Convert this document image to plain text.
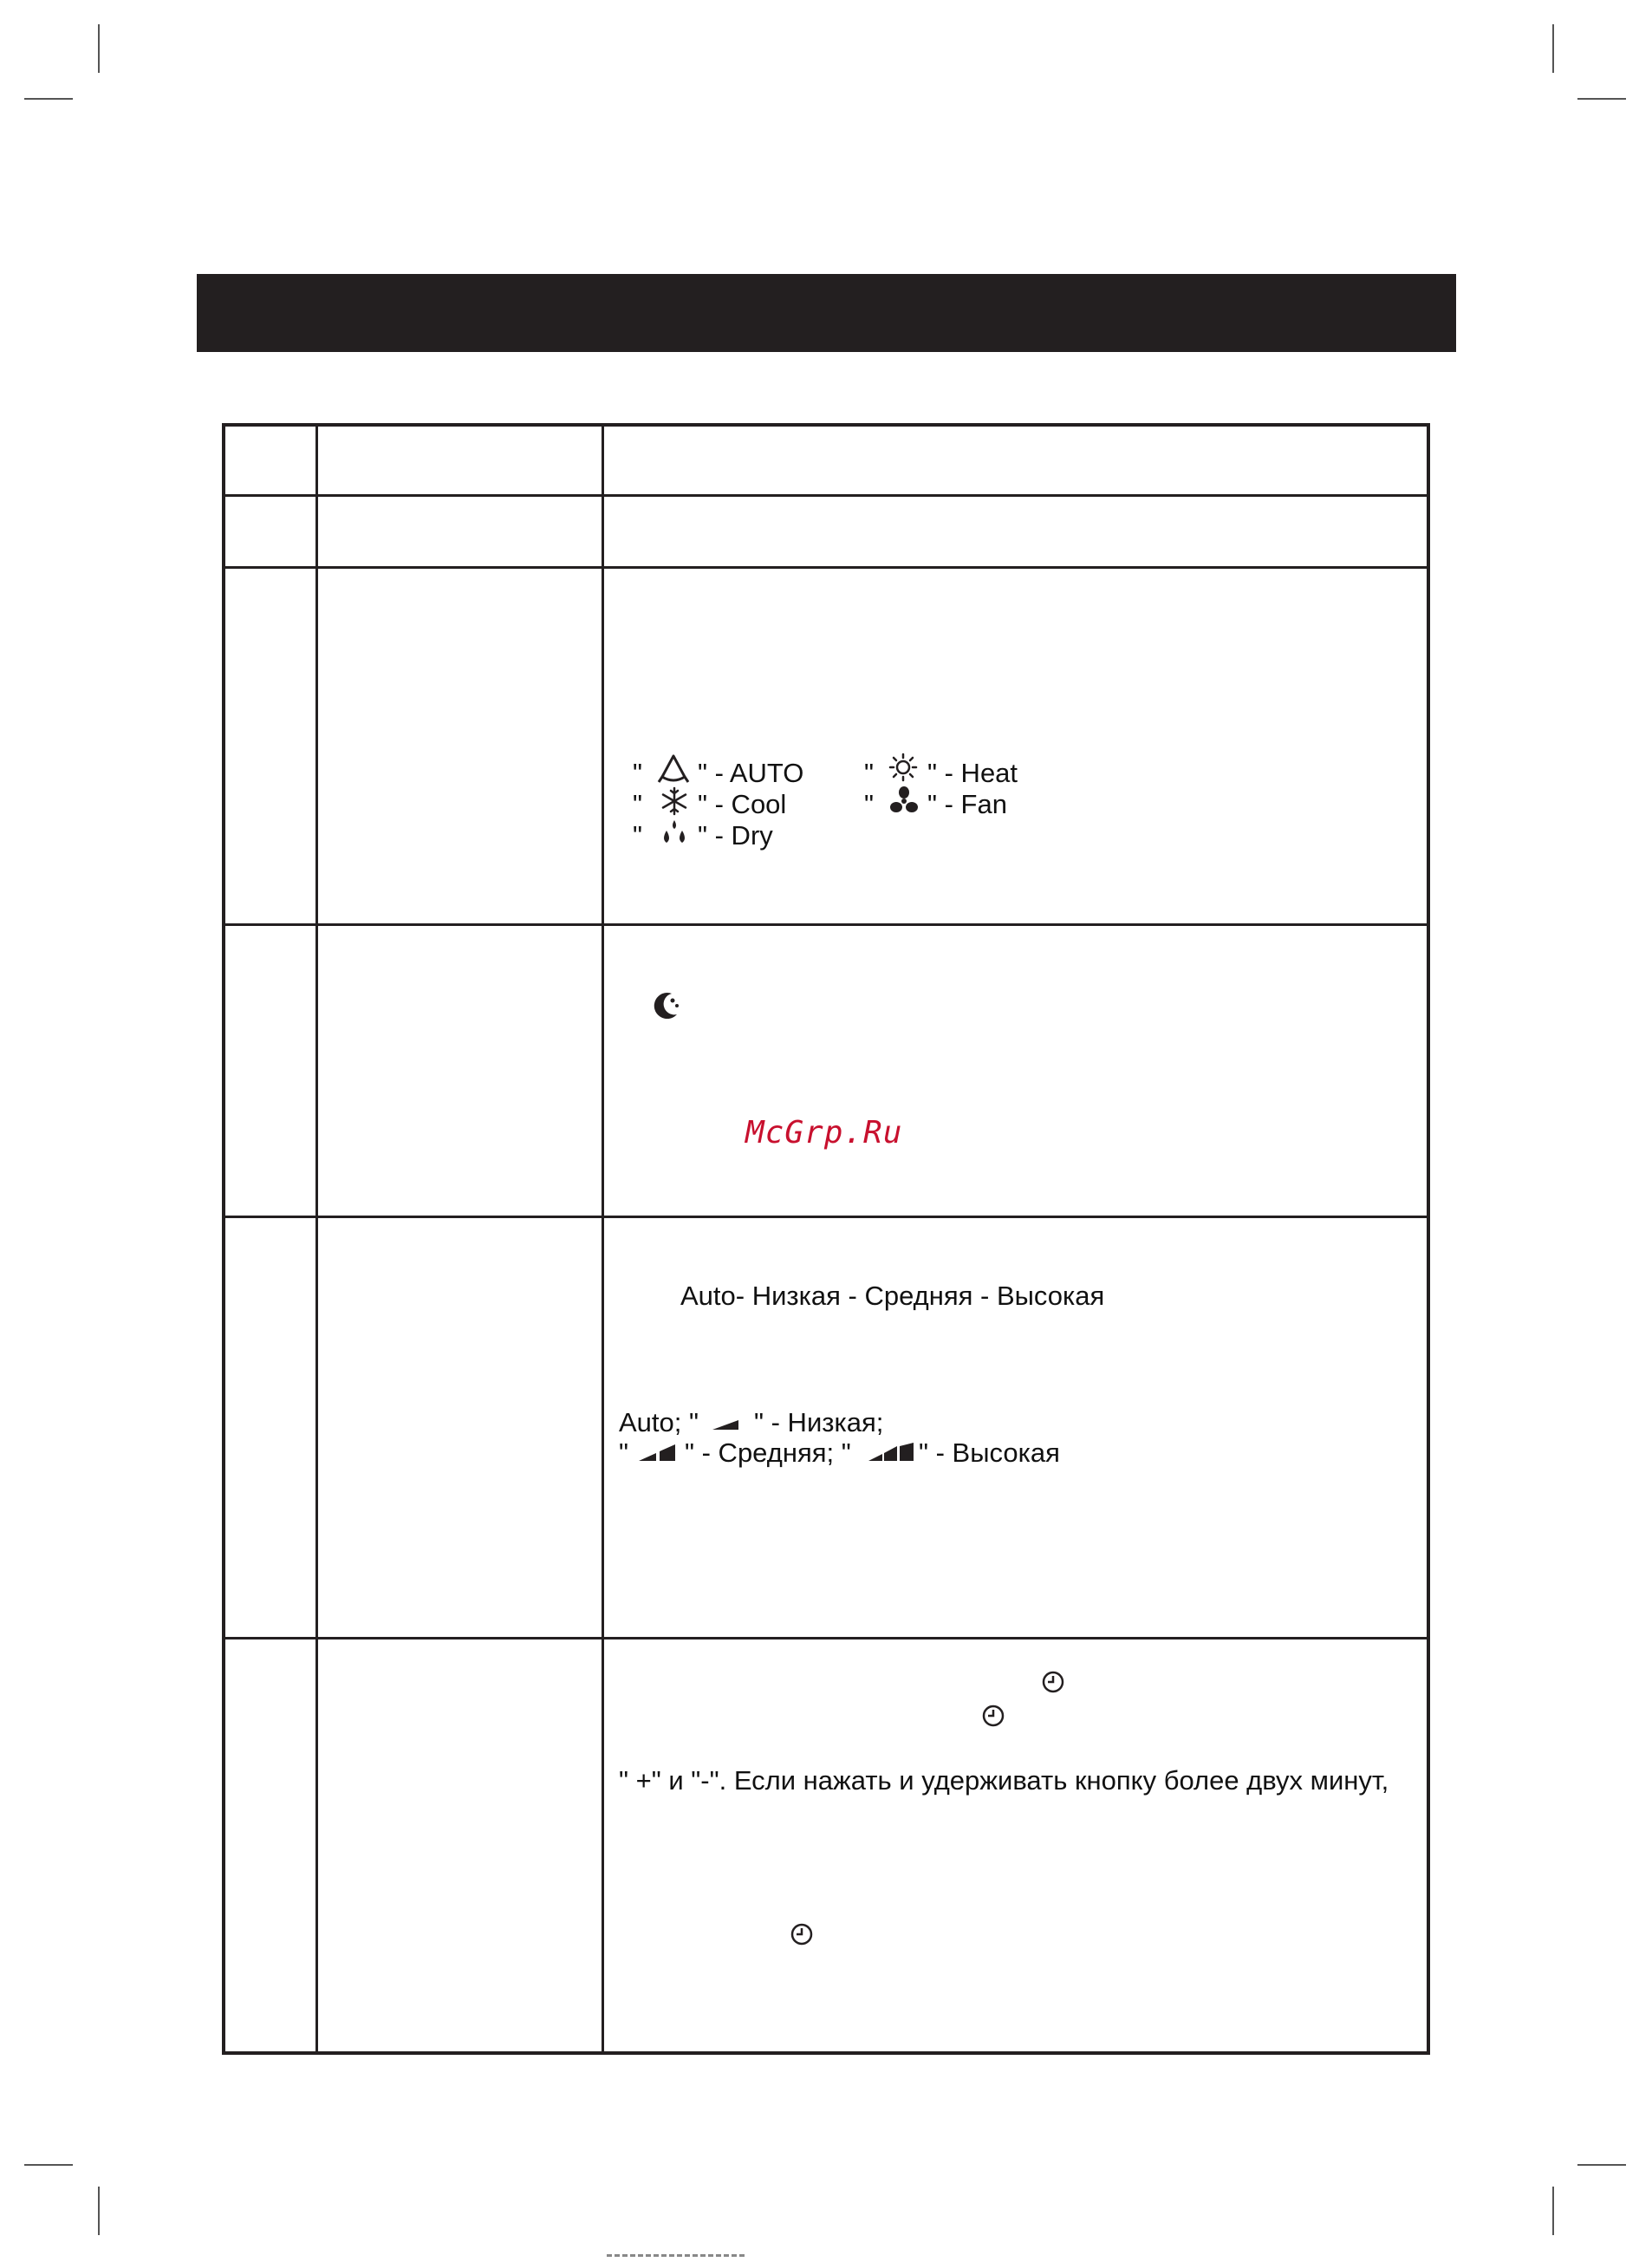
" " - AUTO " " - Heat
" " - Cool	" " - Fan
" " - Dry
McGrp.Ru
Auto- Низкая - Средняя - Высокая
Auto; " " - Низкая;
" " - Средняя; "	" - Высокая
" +" и "-". Если нажать и удерживать кнопку более двух минут,
